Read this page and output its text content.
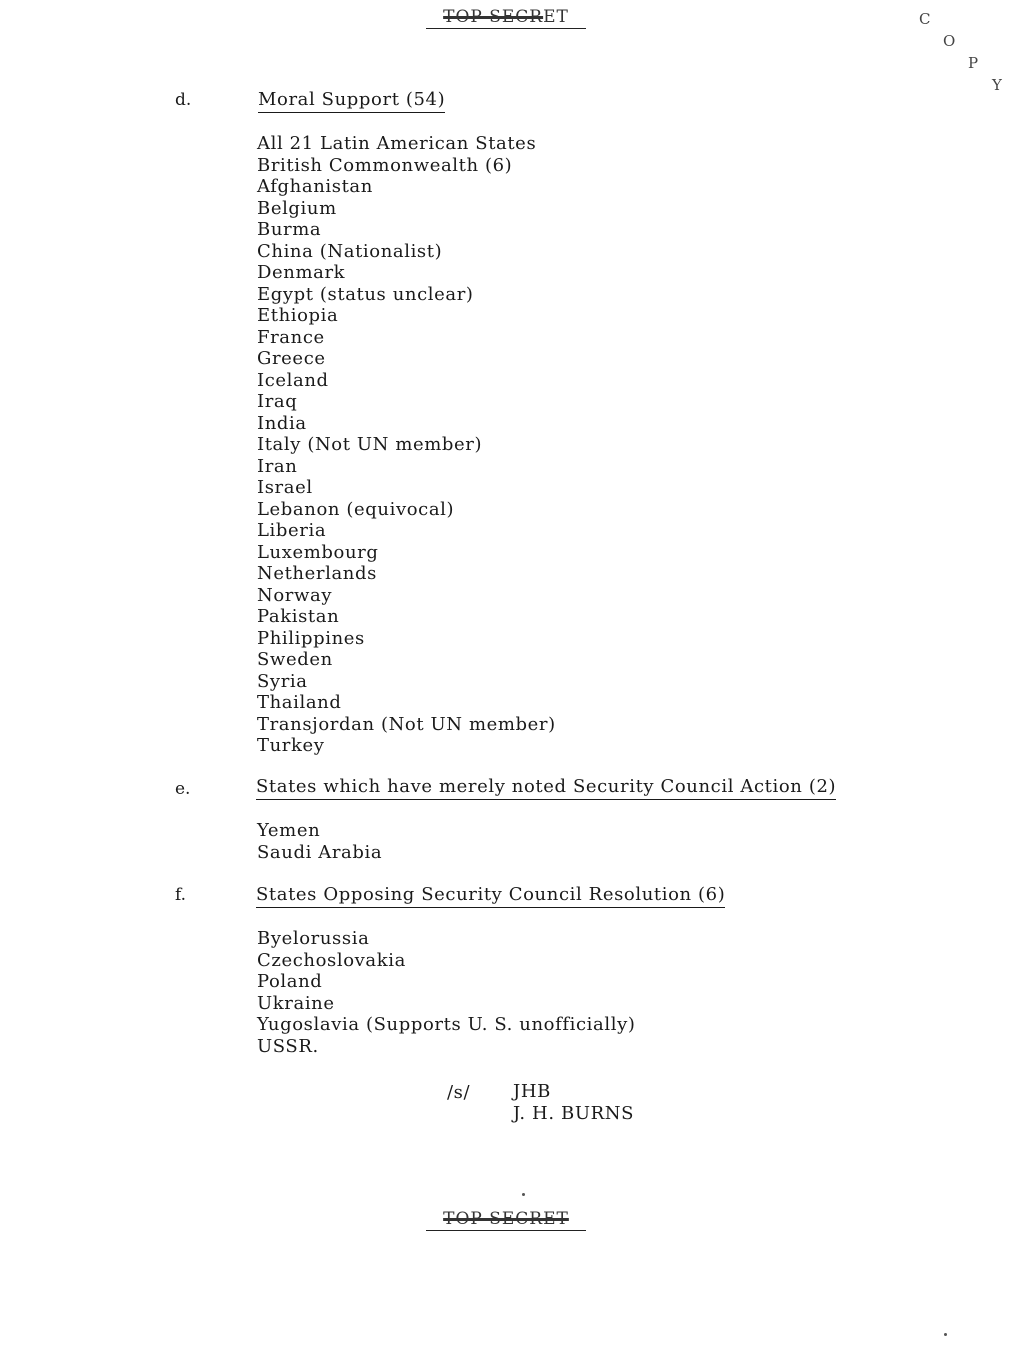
TOP SECRET	C
O
P
Y
d.	Moral Support (54)
All 21 Latin American States
British Commonwealth (6)
Afghanistan
Belgium
Burma
China (Nationalist)
Denmark
Egypt (status unclear)
Ethiopia
France
Greece
Iceland
Iraq
India
Italy (Not UN member)
Iran
Israel
Lebanon (equivocal)
Liberia
Luxembourg
Netherlands
Norway
Pakistan
Philippines
Sweden
Syria
Thailand
Transjordan (Not UN member)
Turkey
e.	States which have merely noted Security Council Action (2)
Yemen
Saudi Arabia
f.	States Opposing Security Council Resolution (6)
Byelorussia
Czechoslovakia
Poland
Ukraine
Yugoslavia (Supports U. S. unofficially)
USSR.
/s/ JHB
J. H. BURNS
TOP SECRET
